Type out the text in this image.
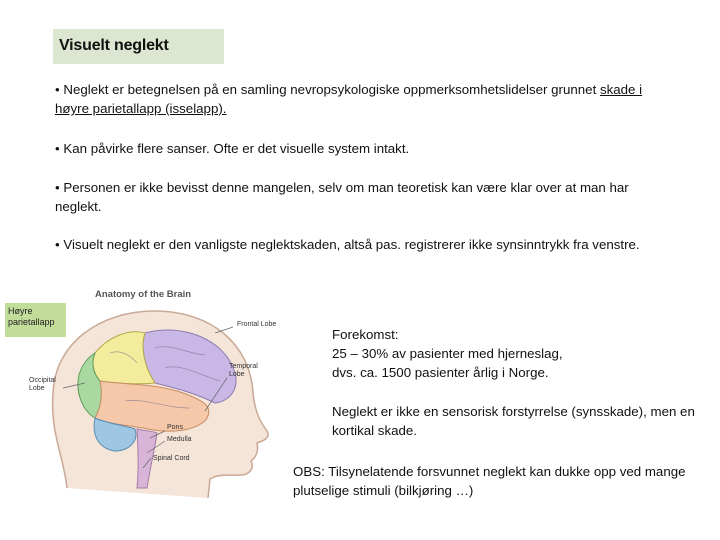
Visuelt neglekt

• Neglekt er betegnelsen på en samling nevropsykologiske oppmerksomhetslidelser grunnet skade i høyre parietallapp (isselapp).

• Kan påvirke flere sanser. Ofte er det visuelle system intakt.

• Personen er ikke bevisst denne mangelen, selv om man teoretisk kan være klar over at man har neglekt.

• Visuelt neglekt er den vanligste neglektskaden, altså pas. registrerer ikke synsinntrykk fra venstre.

Anatomy of the Brain
Høyre parietallapp	Frontal Lobe
Occipital Lobe
Temporal Lobe
Pons
Medulla
Spinal Cord
Forekomst:
25 – 30% av pasienter med hjerneslag,
dvs. ca. 1500 pasienter årlig i Norge.
Neglekt er ikke en sensorisk forstyrrelse (synsskade), men en kortikal skade.
OBS: Tilsynelatende forsvunnet neglekt kan dukke opp ved mange plutselige stimuli (bilkjøring …)
